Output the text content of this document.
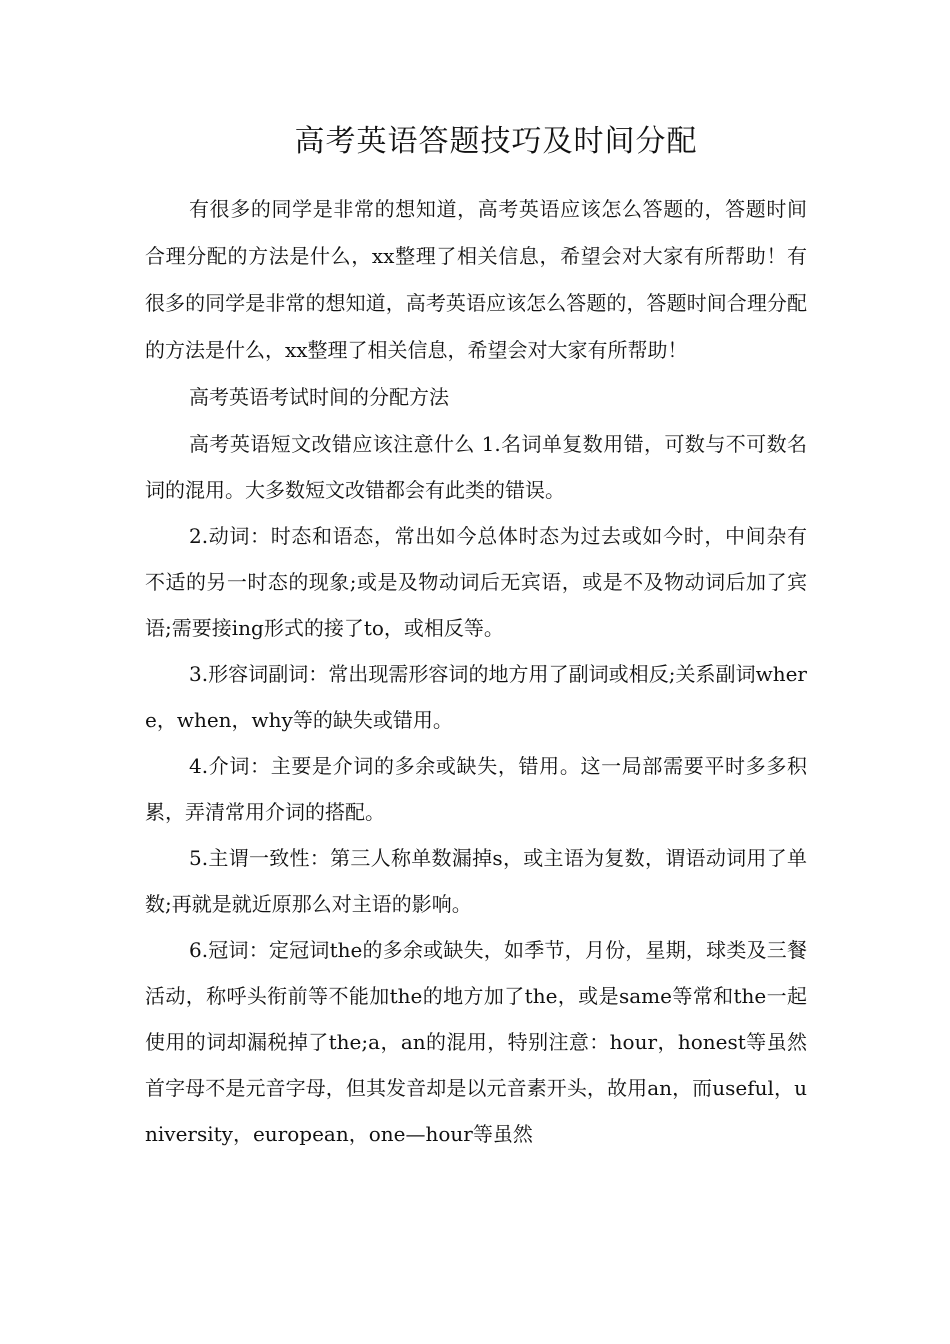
高考英语答题技巧及时间分配

有很多的同学是非常的想知道，高考英语应该怎么答题的，答题时间合理分配的方法是什么，xx整理了相关信息，希望会对大家有所帮助！有很多的同学是非常的想知道，高考英语应该怎么答题的，答题时间合理分配的方法是什么，xx整理了相关信息，希望会对大家有所帮助！

高考英语考试时间的分配方法

高考英语短文改错应该注意什么 1.名词单复数用错，可数与不可数名词的混用。大多数短文改错都会有此类的错误。

2.动词：时态和语态，常出如今总体时态为过去或如今时，中间杂有不适的另一时态的现象;或是及物动词后无宾语，或是不及物动词后加了宾语;需要接ing形式的接了to，或相反等。

3.形容词副词：常出现需形容词的地方用了副词或相反;关系副词where，when，why等的缺失或错用。

4.介词：主要是介词的多余或缺失，错用。这一局部需要平时多多积累，弄清常用介词的搭配。

5.主谓一致性：第三人称单数漏掉s，或主语为复数，谓语动词用了单数;再就是就近原那么对主语的影响。

6.冠词：定冠词the的多余或缺失，如季节，月份，星期，球类及三餐活动，称呼头衔前等不能加the的地方加了the，或是same等常和the一起使用的词却漏税掉了the;a，an的混用，特别注意：hour，honest等虽然首字母不是元音字母，但其发音却是以元音素开头，故用an，而useful，university，european，one—hour等虽然
